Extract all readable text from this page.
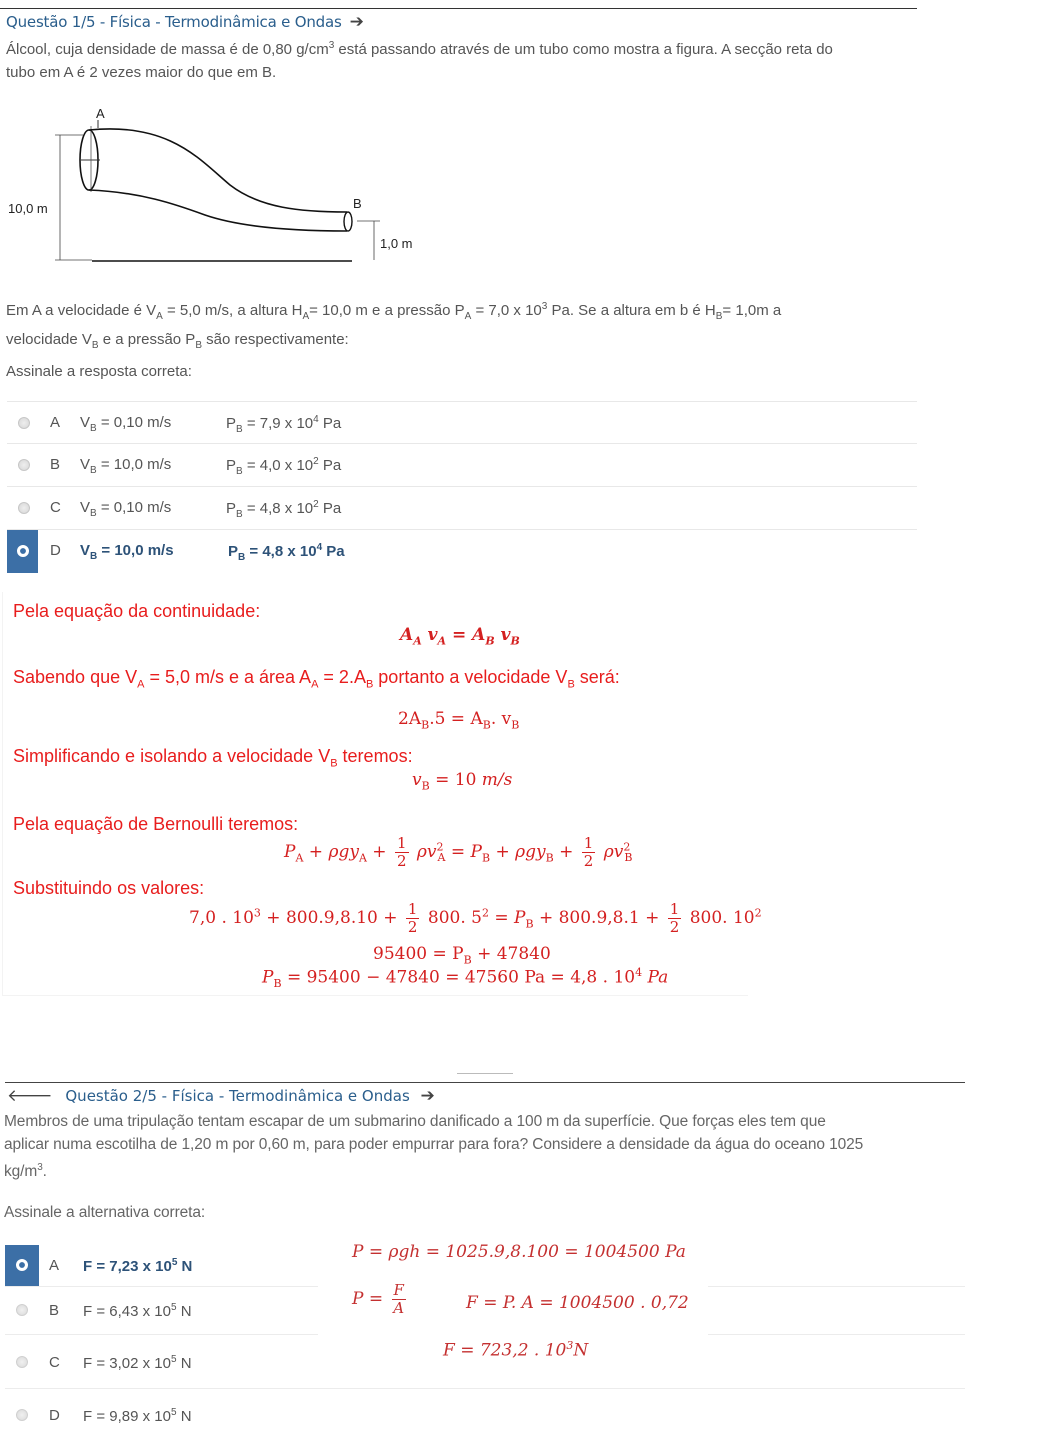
Questão 1/5 - Física - Termodinâmica e Ondas ➔
Álcool, cuja densidade de massa é de 0,80 $g/cm^3$ está passando através de um tubo como mostra a figura. A secção reta do
tubo em A é 2 vezes maior do que em B.
A
B
10,0 m
1,0 m
Em A a velocidade é $V_A = 5,0$ m/s, a altura $H_A= 10,0$ m e a pressão $P_A = 7,0$ x $10^3$ Pa. Se a altura em b é $H_B= 1,0m$ a
velocidade $V_B$ e a pressão $P_B$ são respectivamente:
Assinale a resposta correta:
A $V_B = 0,10$ m/s	$P_B = 7,9$ x $10^4$ Pa
B $V_B = 10,0$ m/s	$P_B = 4,0$ x $10^2$ Pa
C $V_B = 0,10$ m/s	$P_B = 4,8$ x $10^2$ Pa
D $V_B = 10,0$ m/s	$P_B = 4,8$ x $10^4$ Pa
Pela equação da continuidade:
$A_A$ $v_A = A_B$ $v_B$
Sabendo que $V_A = 5,0$ m/s e a área $A_A = 2.A_B$ portanto a velocidade $V_B$ será:
$2A_B.5 = A_B$. $v_B$
Simplificando e isolando a velocidade $V_B$ teremos:
$v_B = 10$ m/s
Pela equação de Bernoulli teremos:
$P_A + \rho gy_A + \frac{1}{2} \rho v^2_A = P_B + \rho gy_B + \frac{1}{2} \rho v^2_B$
Substituindo os valores:
7,0 . $10^3 + 800.9,8.10 + \frac{1}{2} 800$. $5^2 = P_B + 800.9,8.1 + \frac{1}{2} 800$. $10^2$
$95400 = P_B + 47840$
$P_B = 95400 - 47840 = 47560$ Pa = 4,8 . $10^4$ Pa
🡐 Questão 2/5 - Física - Termodinâmica e Ondas ➔
Membros de uma tripulação tentam escapar de um submarino danificado a 100 m da superfície. Que forças eles tem que
aplicar numa escotilha de 1,20 m por 0,60 m, para poder empurrar para fora? Considere a densidade da água do oceano 1025
$kg/m^3$.
Assinale a alternativa correta:
A F = 7,23 x $10^5$ N
B F = 6,43 x $10^5$ N
C F = 3,02 x $10^5$ N
D F = 9,89 x $10^5$ N
P = ρgh = 1025.9,8.100 = 1004500 Pa
$P = \frac{F}{A}$	F = P. A = 1004500 . 0,72
F = 723,2 . $10^3N$
